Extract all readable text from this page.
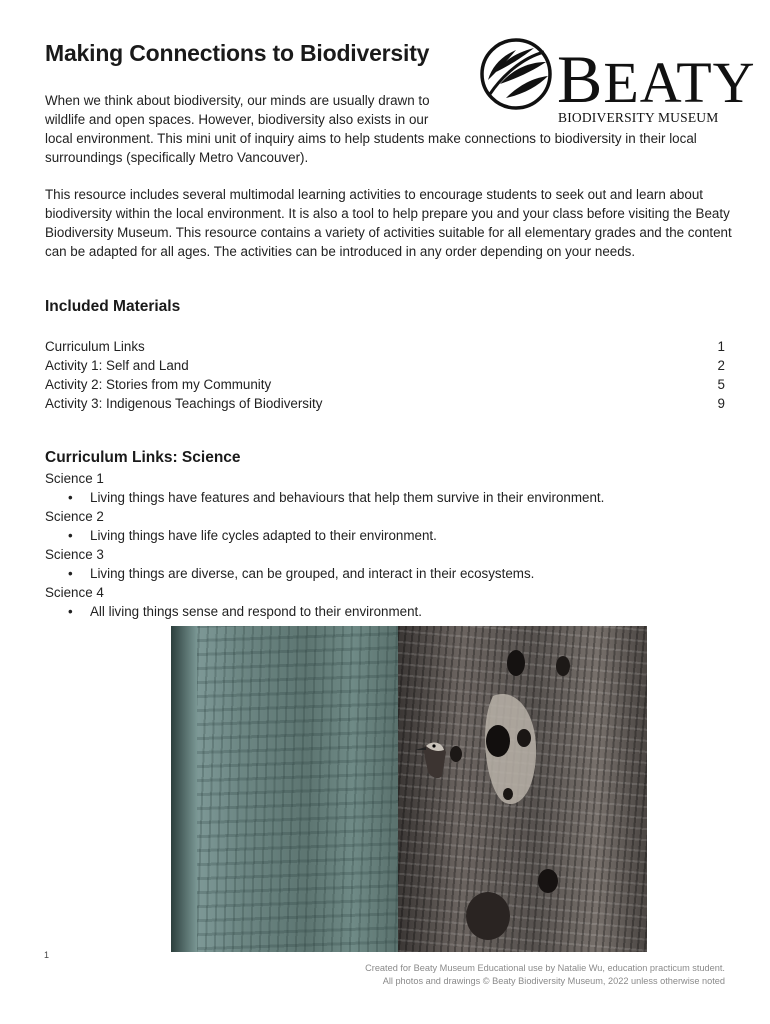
Making Connections to Biodiversity BEATY
BIODIVERSITY MUSEUM

When we think about biodiversity, our minds are usually drawn to wildlife and open spaces. However, biodiversity also exists in our

local environment. This mini unit of inquiry aims to help students make connections to biodiversity in their local surroundings (specifically Metro Vancouver).

This resource includes several multimodal learning activities to encourage students to seek out and learn about biodiversity within the local environment. It is also a tool to help prepare you and your class before visiting the Beaty Biodiversity Museum. This resource contains a variety of activities suitable for all elementary grades and the content can be adapted for all ages. The activities can be introduced in any order depending on your needs.

Included Materials
Curriculum Links	1
Activity 1: Self and Land	2
Activity 2: Stories from my Community	5
Activity 3: Indigenous Teachings of Biodiversity	9
Curriculum Links: Science
Science 1
• Living things have features and behaviours that help them survive in their environment.
Science 2
• Living things have life cycles adapted to their environment.
Science 3
• Living things are diverse, can be grouped, and interact in their ecosystems.
Science 4
• All living things sense and respond to their environment.
1
Created for Beaty Museum Educational use by Natalie Wu, education practicum student.
All photos and drawings © Beaty Biodiversity Museum, 2022 unless otherwise noted
